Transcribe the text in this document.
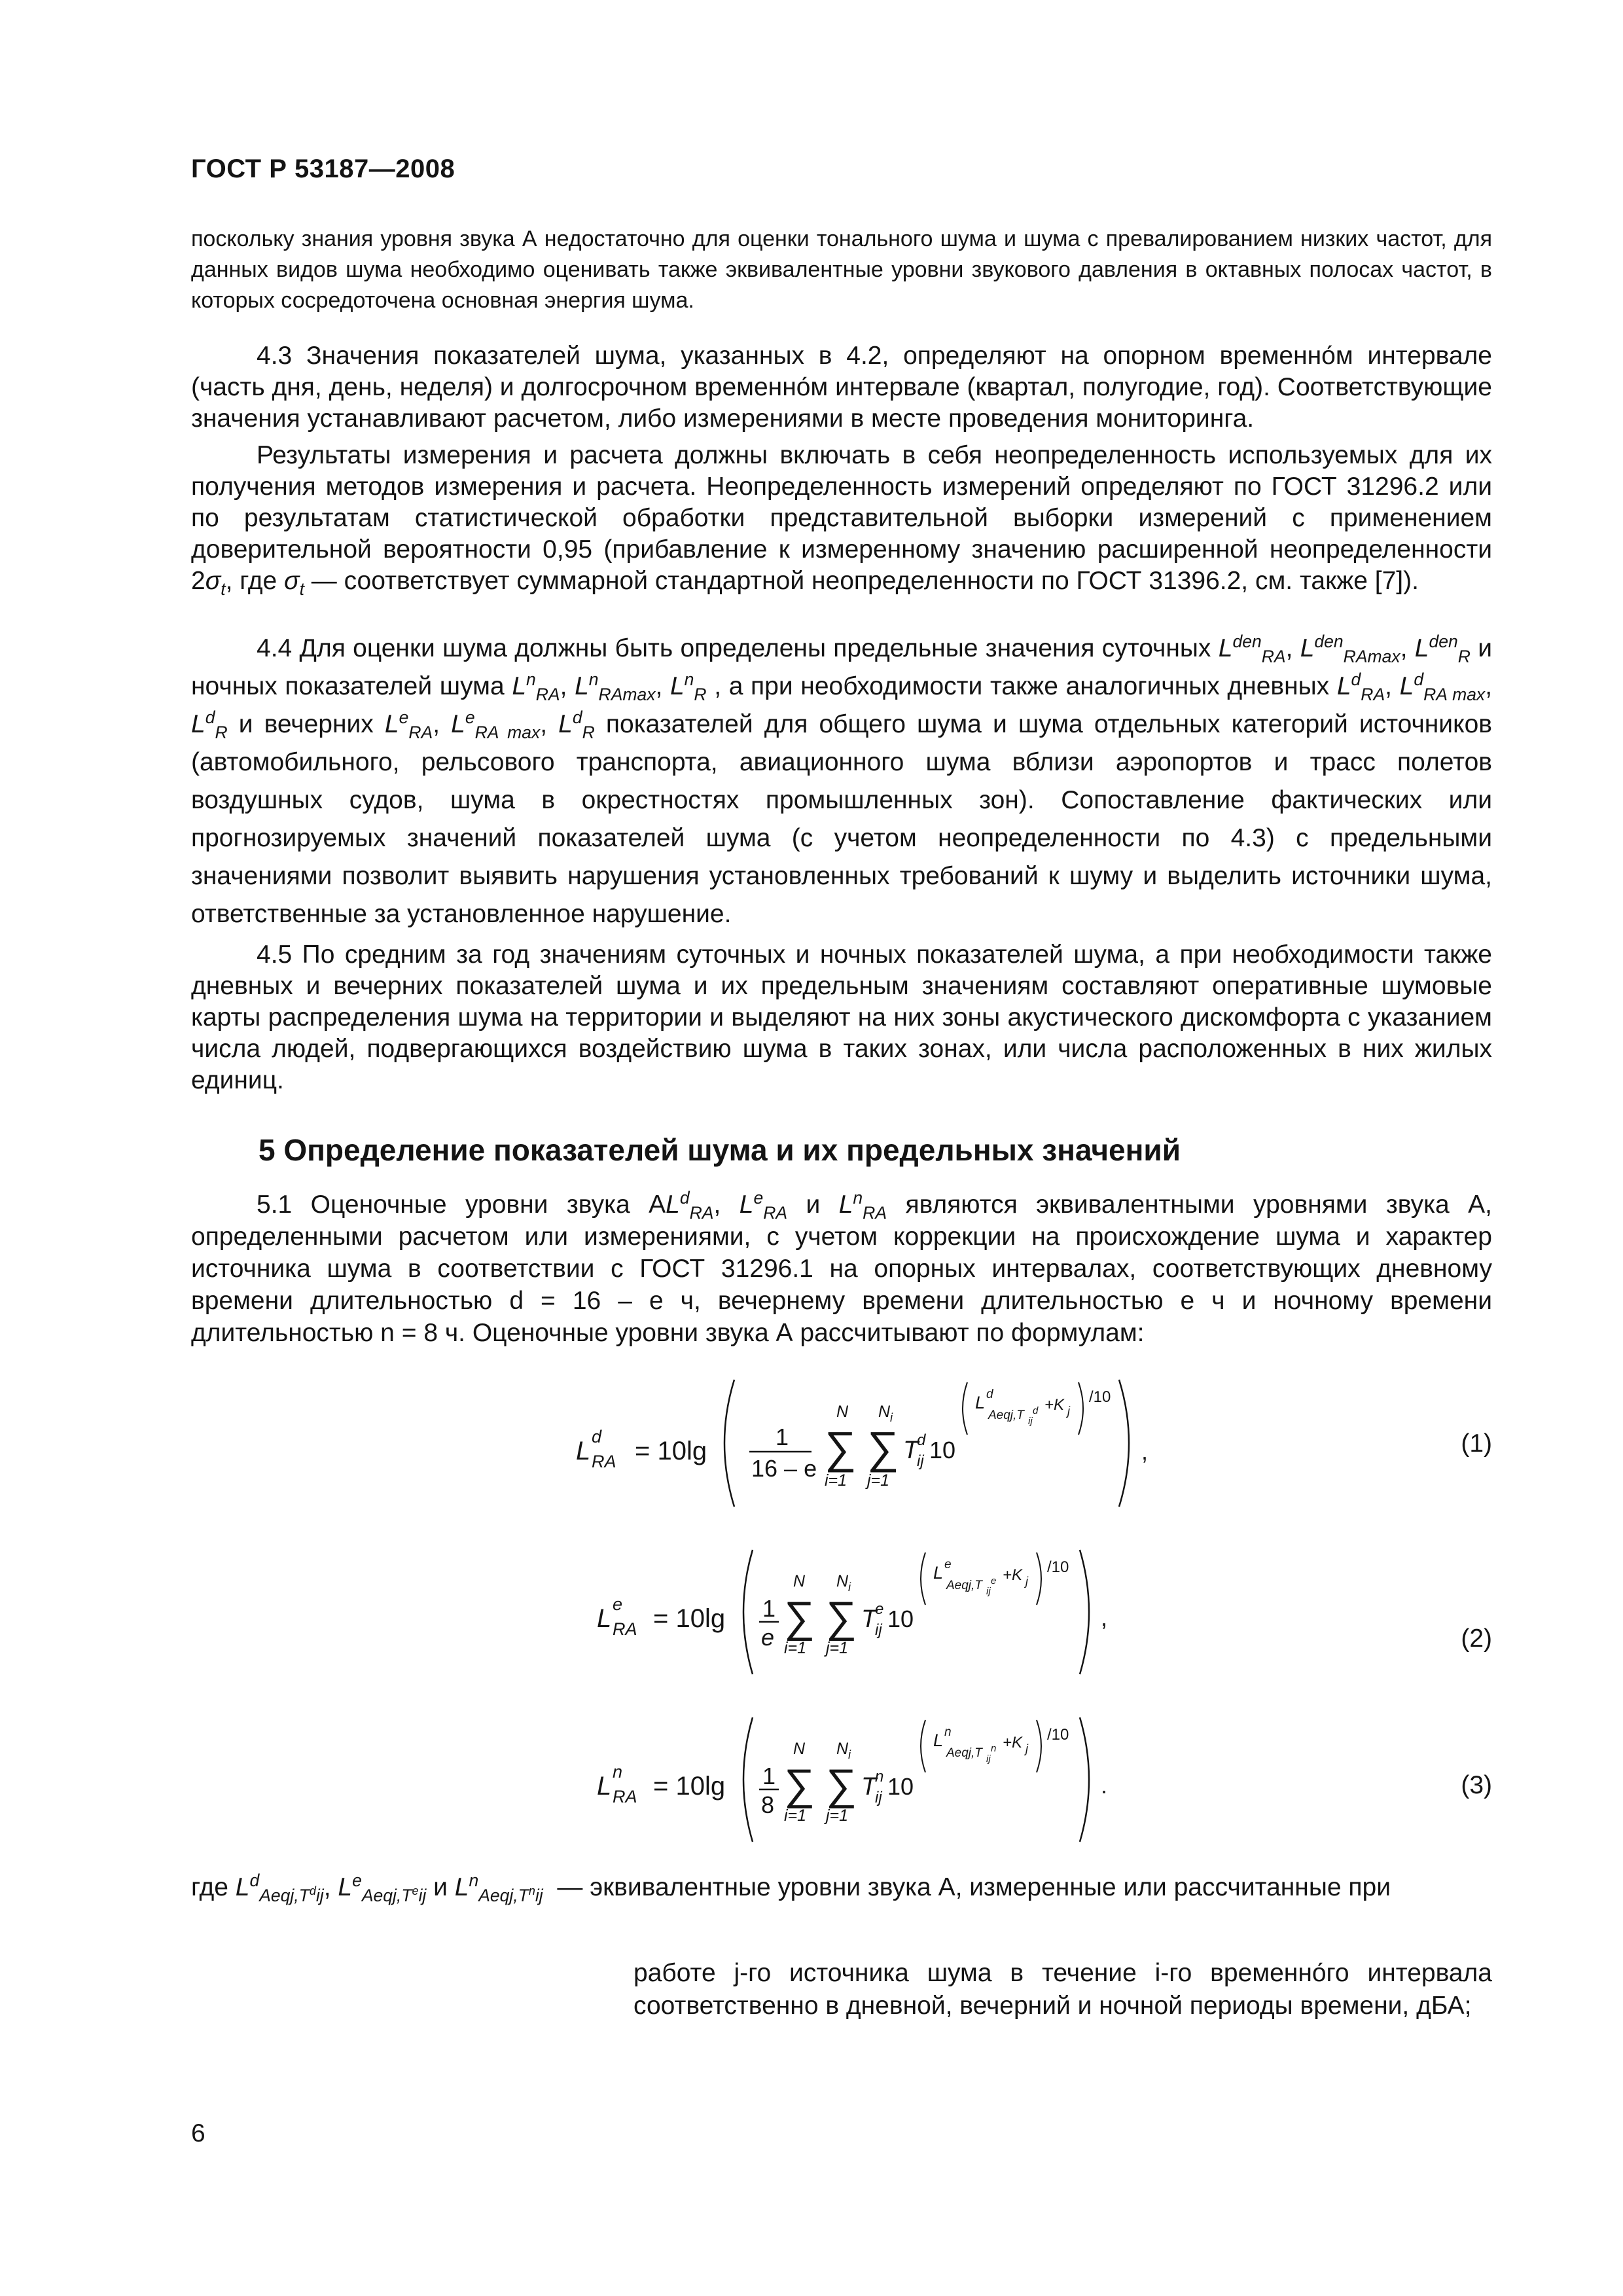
ГОСТ Р 53187—2008
поскольку знания уровня звука А недостаточно для оценки тонального шума и шума с превалированием низких частот, для данных видов шума необходимо оценивать также эквивалентные уровни звукового давления в октавных полосах частот, в которых сосредоточена основная энергия шума.
4.3 Значения показателей шума, указанных в 4.2, определяют на опорном временно́м интервале (часть дня, день, неделя) и долгосрочном временно́м интервале (квартал, полугодие, год). Соответствующие значения устанавливают расчетом, либо измерениями в месте проведения мониторинга.
Результаты измерения и расчета должны включать в себя неопределенность используемых для их получения методов измерения и расчета. Неопределенность измерений определяют по ГОСТ 31296.2 или по результатам статистической обработки представительной выборки измерений с применением доверительной вероятности 0,95 (прибавление к измеренному значению расширенной неопределенности $2\sigma_t$, где $\sigma_t$ — соответствует суммарной стандартной неопределенности по ГОСТ 31396.2, см. также [7]).
4.4 Для оценки шума должны быть определены предельные значения суточных $L^{den}_{RA}$, $L^{den}_{RAmax}$, $L^{den}_R$ и ночных показателей шума $L^n_{RA}$, $L^n_{RAmax}$, $L^n_R$ , а при необходимости также аналогичных дневных $L^d_{RA}$, $L^d_{RA max}$, $L^d_R$ и вечерних $L^e_{RA}$, $L^e_{RA max}$, $L^d_R$ показателей для общего шума и шума отдельных категорий источников (автомобильного, рельсового транспорта, авиационного шума вблизи аэропортов и трасс полетов воздушных судов, шума в окрестностях промышленных зон). Сопоставление фактических или прогнозируемых значений показателей шума (с учетом неопределенности по 4.3) с предельными значениями позволит выявить нарушения установленных требований к шуму и выделить источники шума, ответственные за установленное нарушение.
4.5 По средним за год значениям суточных и ночных показателей шума, а при необходимости также дневных и вечерних показателей шума и их предельным значениям составляют оперативные шумовые карты распределения шума на территории и выделяют на них зоны акустического дискомфорта с указанием числа людей, подвергающихся воздействию шума в таких зонах, или числа расположенных в них жилых единиц.
5 Определение показателей шума и их предельных значений
5.1 Оценочные уровни звука $АL^d_{RA}$, $L^e_{RA}$ и $L^n_{RA}$ являются эквивалентными уровнями звука А, определенными расчетом или измерениями, с учетом коррекции на происхождение шума и характер источника шума в соответствии с ГОСТ 31296.1 на опорных интервалах, соответствующих дневному времени длительностью d = 16 – e ч, вечернему времени длительностью e ч и ночному времени длительностью n = 8 ч. Оценочные уровни звука А рассчитывают по формулам:
L d
RA = 10lg	1
16 – e
N
∑
i=1
N i
∑
j=1
T
d
ij 10
L d
Aeqj,T ij
d +K j
/10
,	(1)
L e
RA = 10lg 1
e
N
∑
i=1
N i
∑
j=1
T
e
ij 10
L e
Aeqj,T ij
e +K j
/10
,
(2)
L n
RA = 10lg 1
8
N
∑
i=1
N i
∑
j=1
T
n
ij 10
L n
Aeqj,T ij
n +K j
/10
.	(3)
где $L^d_{Aeqj,T^dij}$, $L^e_{Aeqj,T^eij}$ и $L^n_{Aeqj,T^nij}$ — эквивалентные уровни звука А, измеренные или рассчитанные при
работе j-го источника шума в течение i-го временно́го интервала соответственно в дневной, вечерний и ночной периоды времени, дБА;
6
